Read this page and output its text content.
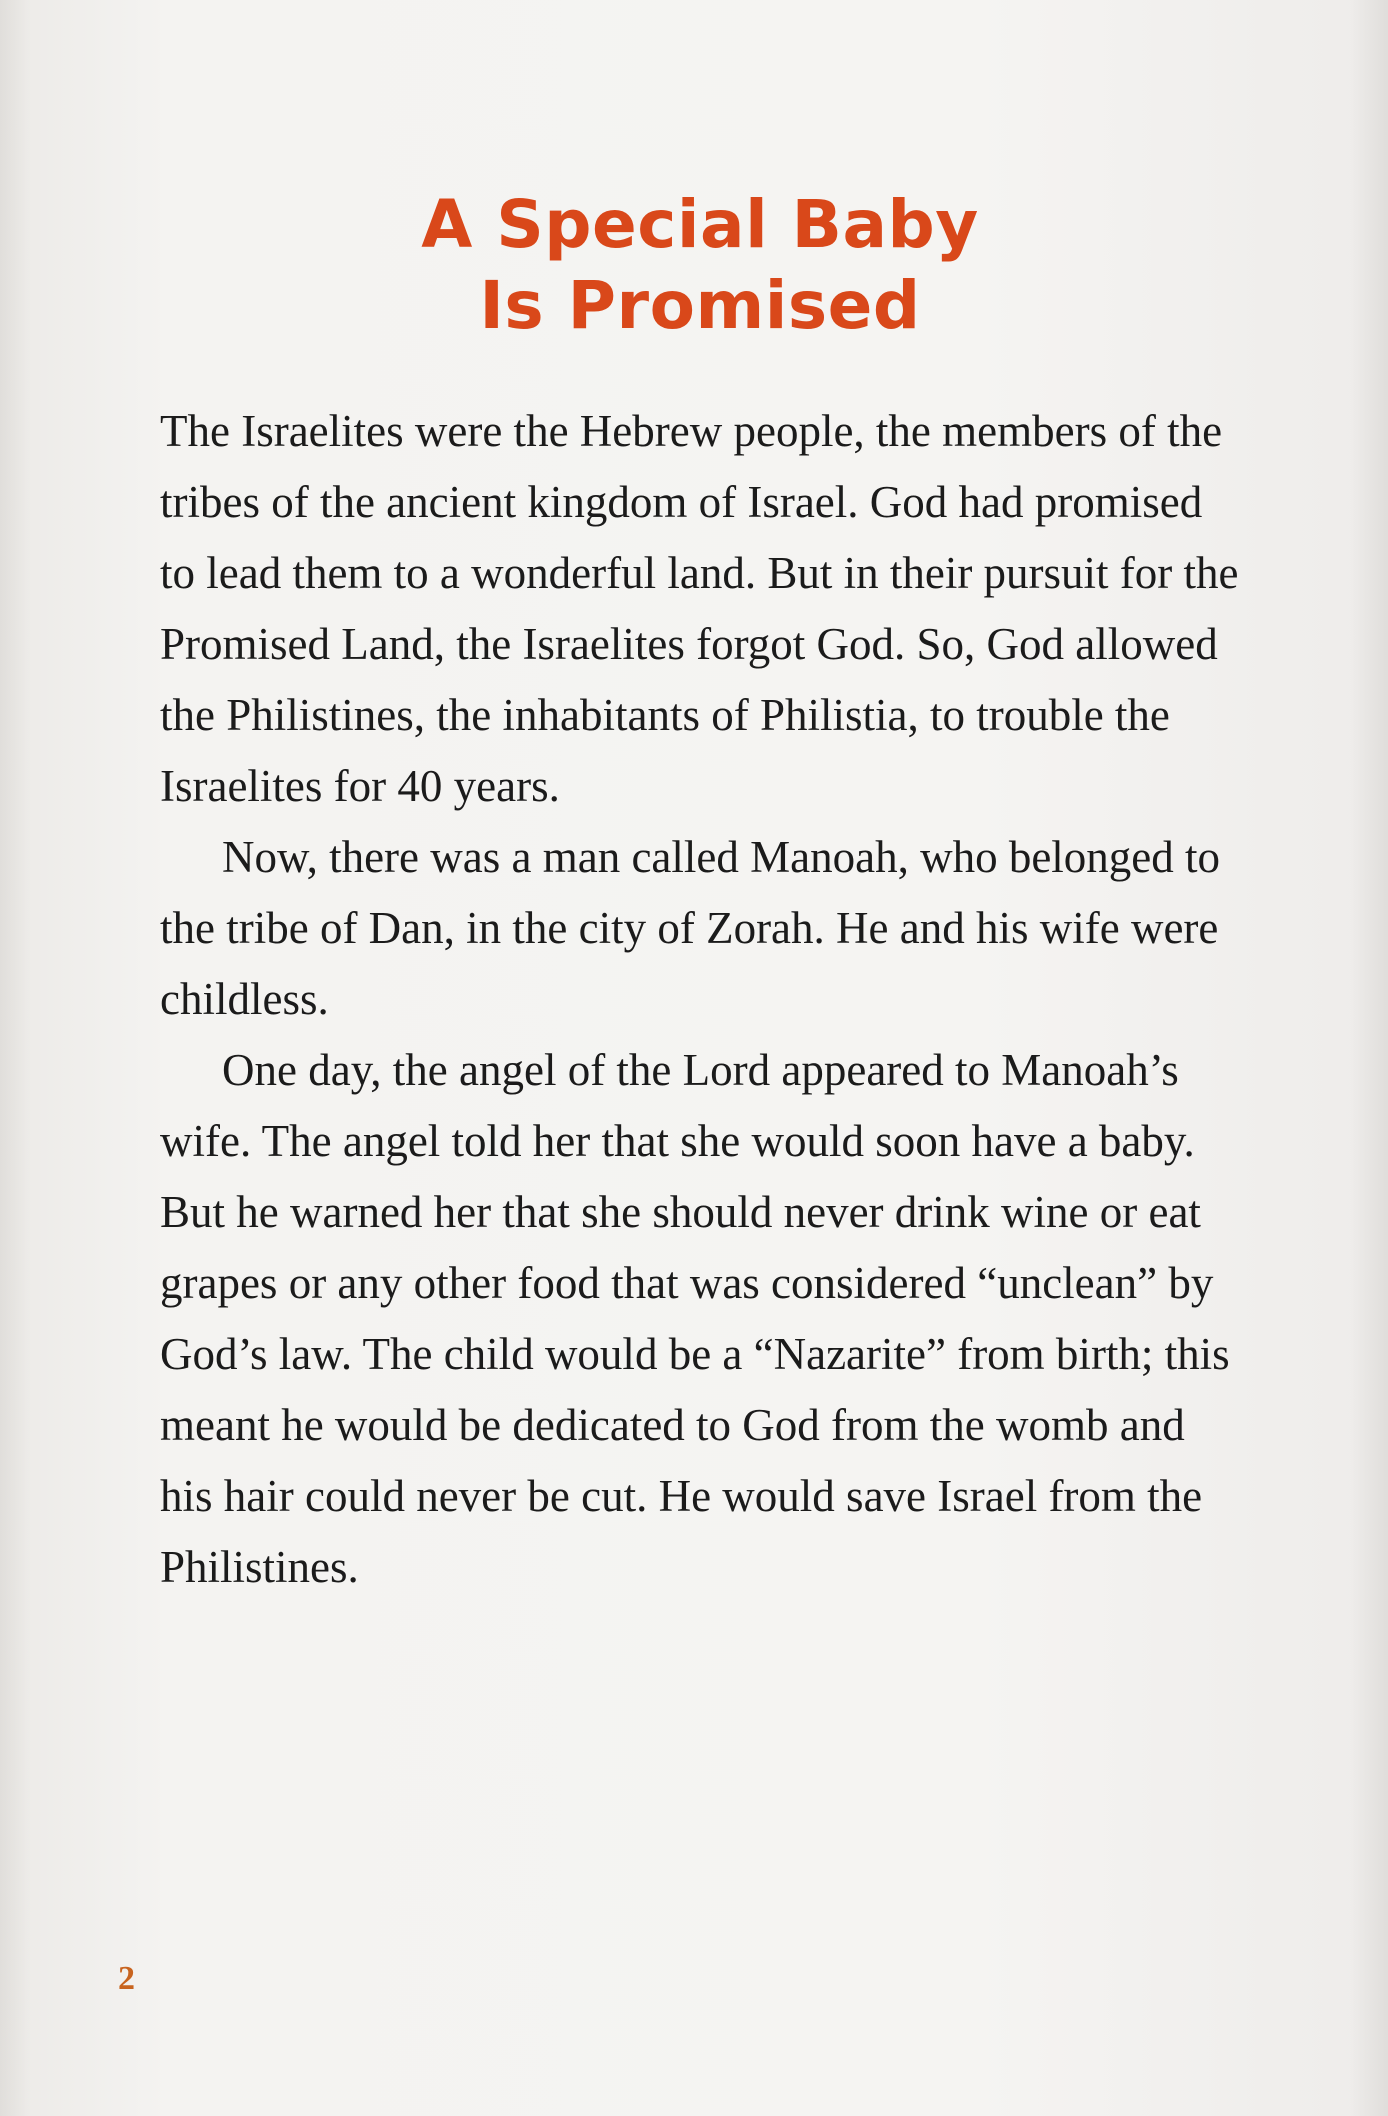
A Special Baby
Is Promised

The Israelites were the Hebrew people, the members of the tribes of the ancient kingdom of Israel. God had promised to lead them to a wonderful land. But in their pursuit for the Promised Land, the Israelites forgot God. So, God allowed the Philistines, the inhabitants of Philistia, to trouble the Israelites for 40 years.

Now, there was a man called Manoah, who belonged to the tribe of Dan, in the city of Zorah. He and his wife were childless.

One day, the angel of the Lord appeared to Manoah’s wife. The angel told her that she would soon have a baby. But he warned her that she should never drink wine or eat grapes or any other food that was considered “unclean” by God’s law. The child would be a “Nazarite” from birth; this meant he would be dedicated to God from the womb and his hair could never be cut. He would save Israel from the Philistines.

2
